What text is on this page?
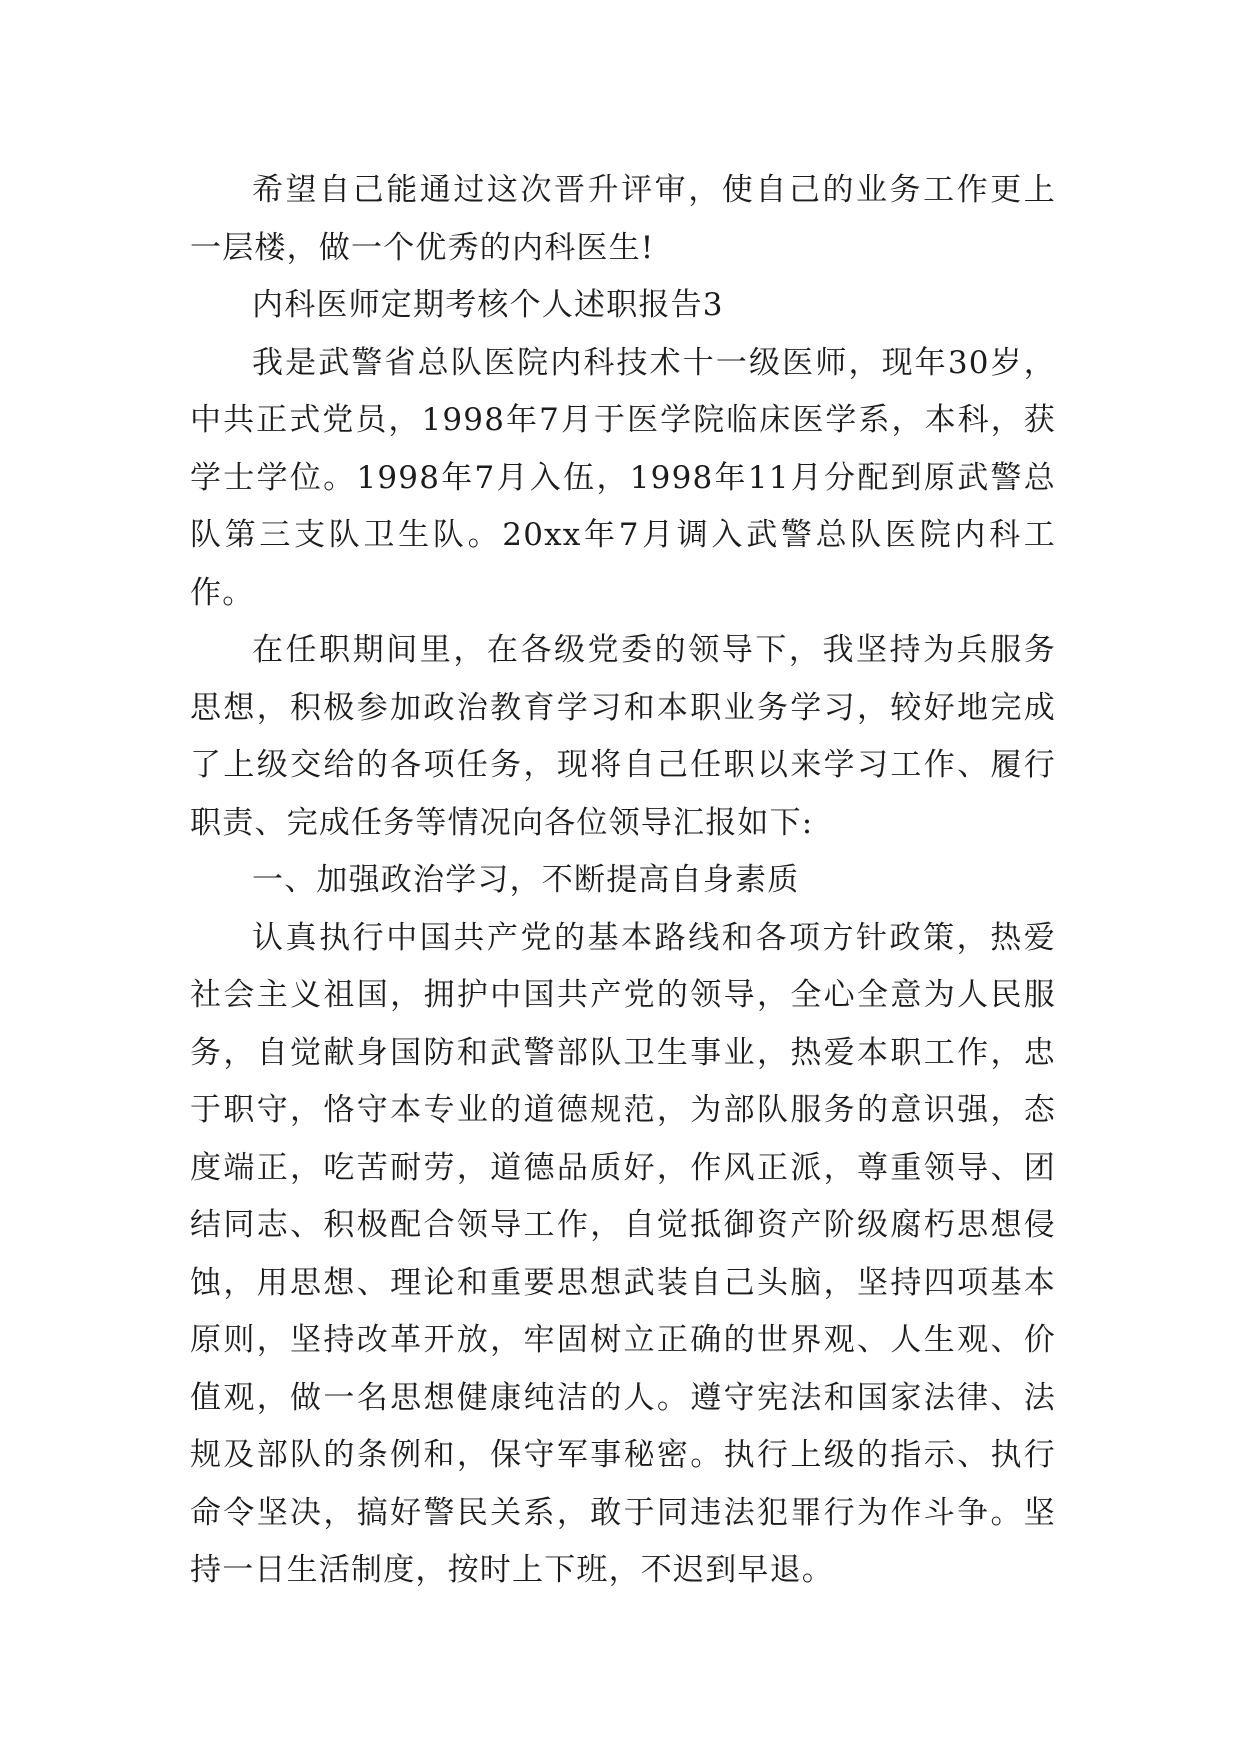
希望自己能通过这次晋升评审，使自己的业务工作更上一层楼，做一个优秀的内科医生!

内科医师定期考核个人述职报告3

我是武警省总队医院内科技术十一级医师，现年30岁，中共正式党员，1998年7月于医学院临床医学系，本科，获学士学位。1998年7月入伍，1998年11月分配到原武警总队第三支队卫生队。20xx年7月调入武警总队医院内科工作。

在任职期间里，在各级党委的领导下，我坚持为兵服务思想，积极参加政治教育学习和本职业务学习，较好地完成了上级交给的各项任务，现将自己任职以来学习工作、履行职责、完成任务等情况向各位领导汇报如下:

一、加强政治学习，不断提高自身素质

认真执行中国共产党的基本路线和各项方针政策，热爱社会主义祖国，拥护中国共产党的领导，全心全意为人民服务，自觉献身国防和武警部队卫生事业，热爱本职工作，忠于职守，恪守本专业的道德规范，为部队服务的意识强，态度端正，吃苦耐劳，道德品质好，作风正派，尊重领导、团结同志、积极配合领导工作，自觉抵御资产阶级腐朽思想侵蚀，用思想、理论和重要思想武装自己头脑，坚持四项基本原则，坚持改革开放，牢固树立正确的世界观、人生观、价值观，做一名思想健康纯洁的人。遵守宪法和国家法律、法规及部队的条例和，保守军事秘密。执行上级的指示、执行命令坚决，搞好警民关系，敢于同违法犯罪行为作斗争。坚持一日生活制度，按时上下班，不迟到早退。
